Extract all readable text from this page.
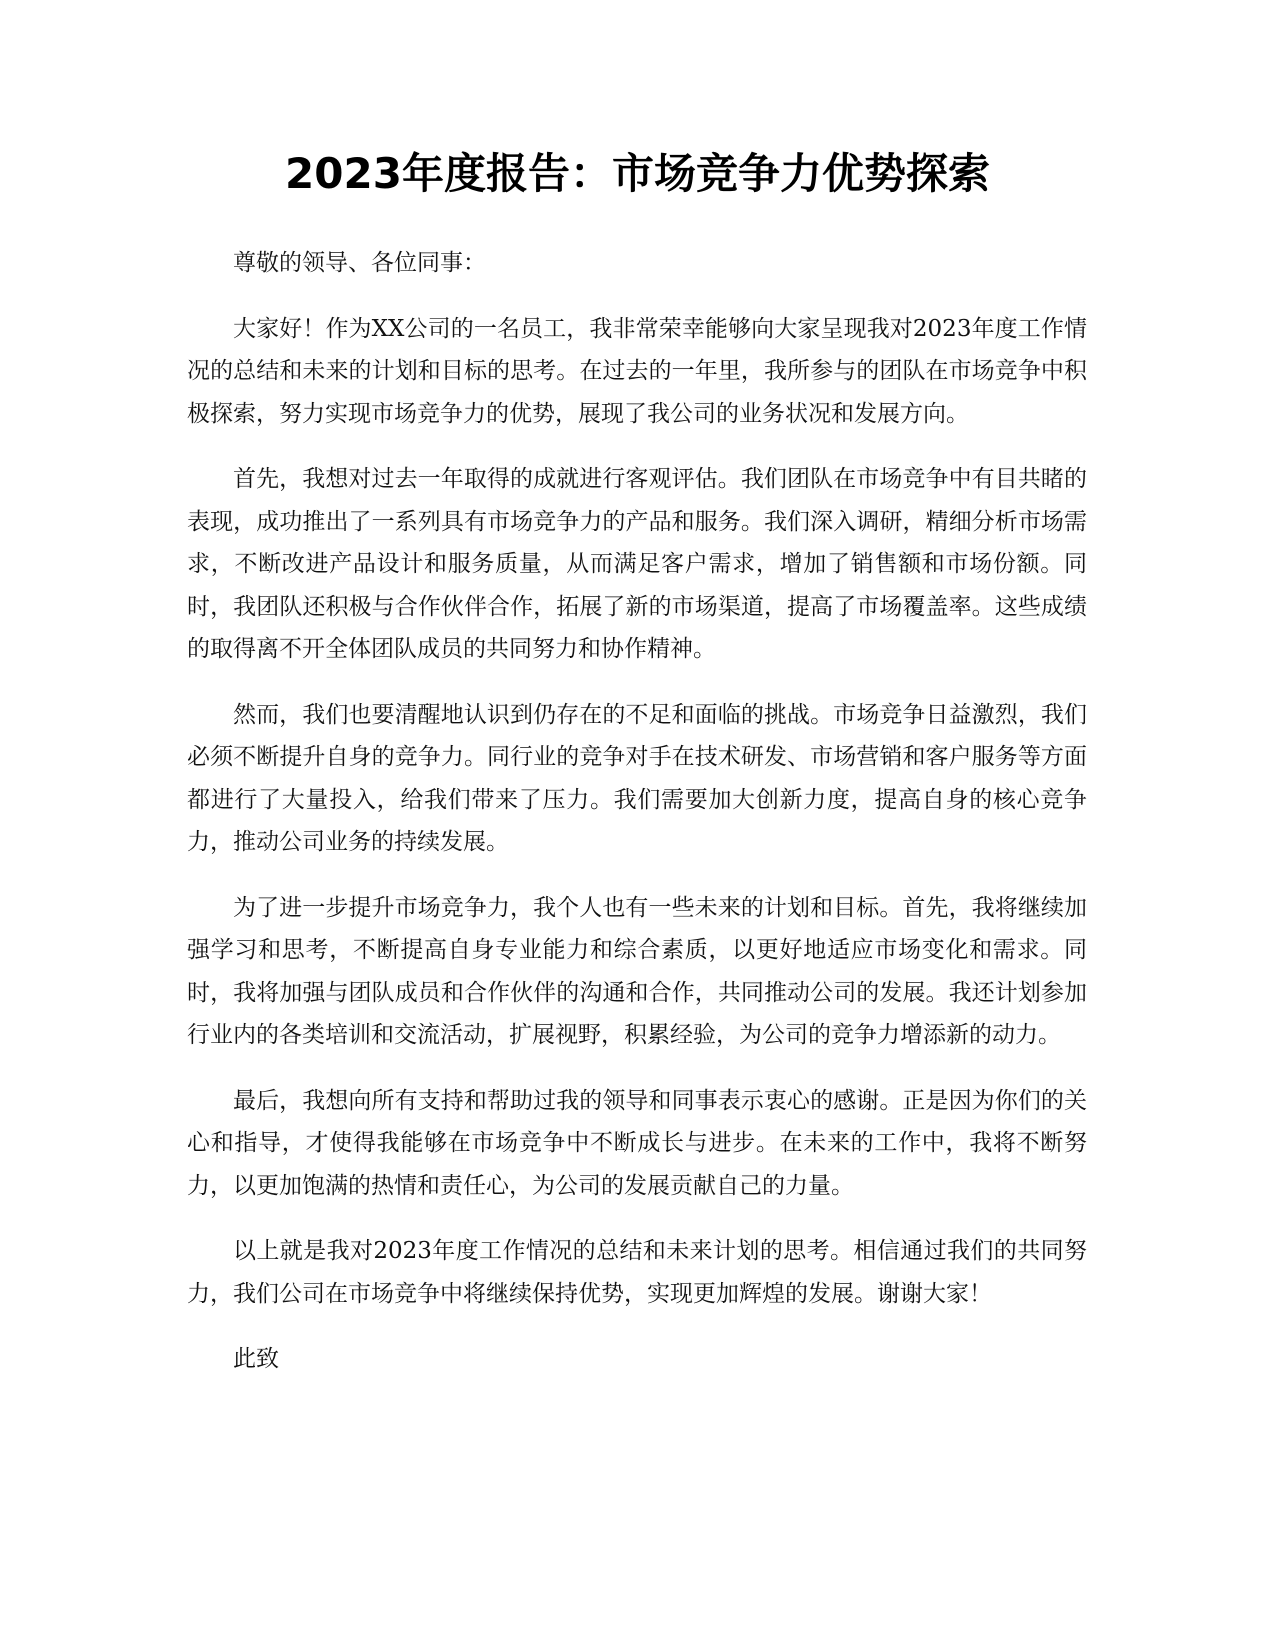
2023年度报告：市场竞争力优势探索

尊敬的领导、各位同事：

大家好！作为XX公司的一名员工，我非常荣幸能够向大家呈现我对2023年度工作情况的总结和未来的计划和目标的思考。在过去的一年里，我所参与的团队在市场竞争中积极探索，努力实现市场竞争力的优势，展现了我公司的业务状况和发展方向。

首先，我想对过去一年取得的成就进行客观评估。我们团队在市场竞争中有目共睹的表现，成功推出了一系列具有市场竞争力的产品和服务。我们深入调研，精细分析市场需求，不断改进产品设计和服务质量，从而满足客户需求，增加了销售额和市场份额。同时，我团队还积极与合作伙伴合作，拓展了新的市场渠道，提高了市场覆盖率。这些成绩的取得离不开全体团队成员的共同努力和协作精神。

然而，我们也要清醒地认识到仍存在的不足和面临的挑战。市场竞争日益激烈，我们必须不断提升自身的竞争力。同行业的竞争对手在技术研发、市场营销和客户服务等方面都进行了大量投入，给我们带来了压力。我们需要加大创新力度，提高自身的核心竞争力，推动公司业务的持续发展。

为了进一步提升市场竞争力，我个人也有一些未来的计划和目标。首先，我将继续加强学习和思考，不断提高自身专业能力和综合素质，以更好地适应市场变化和需求。同时，我将加强与团队成员和合作伙伴的沟通和合作，共同推动公司的发展。我还计划参加行业内的各类培训和交流活动，扩展视野，积累经验，为公司的竞争力增添新的动力。

最后，我想向所有支持和帮助过我的领导和同事表示衷心的感谢。正是因为你们的关心和指导，才使得我能够在市场竞争中不断成长与进步。在未来的工作中，我将不断努力，以更加饱满的热情和责任心，为公司的发展贡献自己的力量。

以上就是我对2023年度工作情况的总结和未来计划的思考。相信通过我们的共同努力，我们公司在市场竞争中将继续保持优势，实现更加辉煌的发展。谢谢大家！

此致
